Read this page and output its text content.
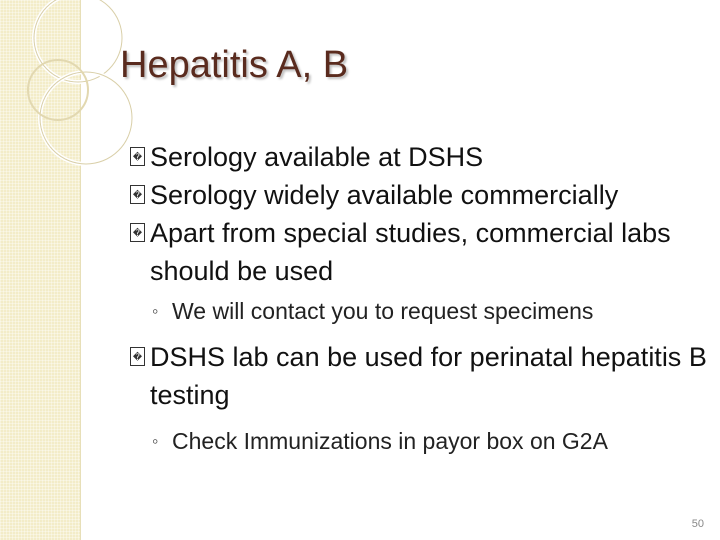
Hepatitis A, B
� Serology available at DSHS
� Serology widely available commercially
� Apart from special studies, commercial labs should be used
◦ We will contact you to request specimens
� DSHS lab can be used for perinatal hepatitis B testing
◦ Check Immunizations in payor box on G2A
50
